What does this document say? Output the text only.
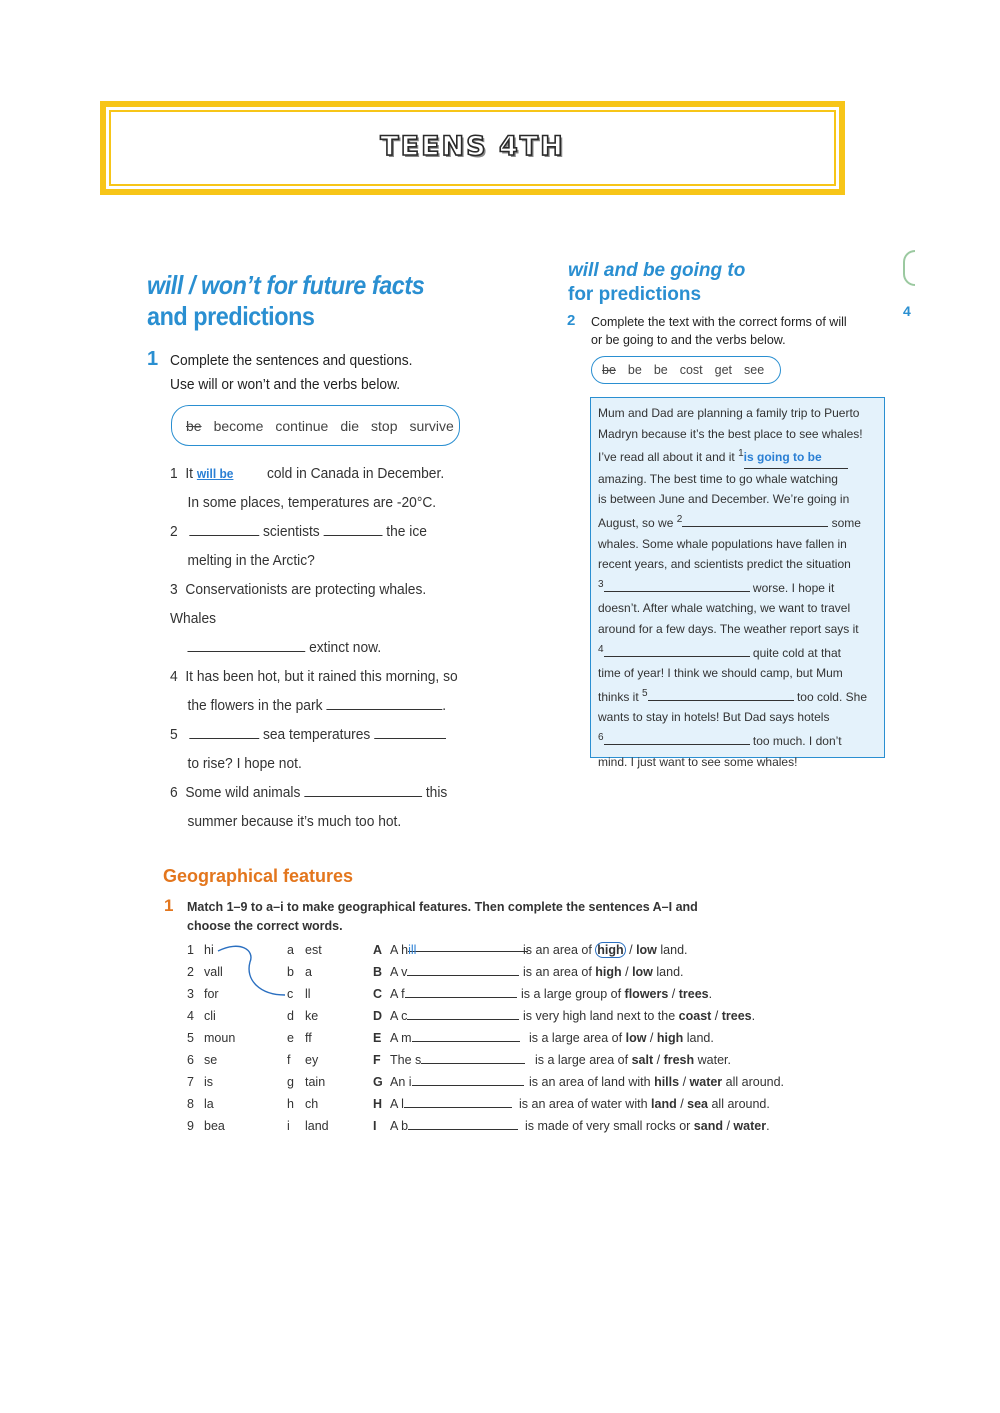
TEENS 4TH
will / won’t for future facts
and predictions
1 Complete the sentences and questions.
Use will or won’t and the verbs below.
be become continue die stop survive
1 It will be cold in Canada in December.
In some places, temperatures are -20°C.
2	scientists	the ice
melting in the Arctic?
3 Conservationists are protecting whales. Whales
extinct now.
4 It has been hot, but it rained this morning, so
the flowers in the park	.
5	sea temperatures
to rise? I hope not.
6 Some wild animals	this
summer because it’s much too hot.
will and be going to
for predictions
4
2 Complete the text with the correct forms of will
or be going to and the verbs below.
be be be cost get see
Mum and Dad are planning a family trip to Puerto
Madryn because it’s the best place to see whales!
I’ve read all about it and it $^1$is going to be
amazing. The best time to go whale watching
is between June and December. We’re going in
August, so we $^2$	some
whales. Some whale populations have fallen in
recent years, and scientists predict the situation
$^3$	worse. I hope it
doesn’t. After whale watching, we want to travel
around for a few days. The weather report says it
$^4$	quite cold at that
time of year! I think we should camp, but Mum
thinks it $^5$	too cold. She
wants to stay in hotels! But Dad says hotels
$^6$	too much. I don’t
mind. I just want to see some whales!
Geographical features
1 Match 1–9 to a–i to make geographical features. Then complete the sentences A–I and
choose the correct words.
1 hi	a est	A A hill	is an area of high / low land.
2 vall	b a	B A v	is an area of high / low land.
3 for	c ll	C A f	is a large group of flowers / trees.
4 cli	d ke	D A c	is very high land next to the coast / trees.
5 moun	e ff	E A m	is a large area of low / high land.
6 se	f ey	F The s	is a large area of salt / fresh water.
7 is	g tain	G An i	is an area of land with hills / water all around.
8 la	h ch	H A l	is an area of water with land / sea all around.
9 bea	i land	I A b	is made of very small rocks or sand / water.
